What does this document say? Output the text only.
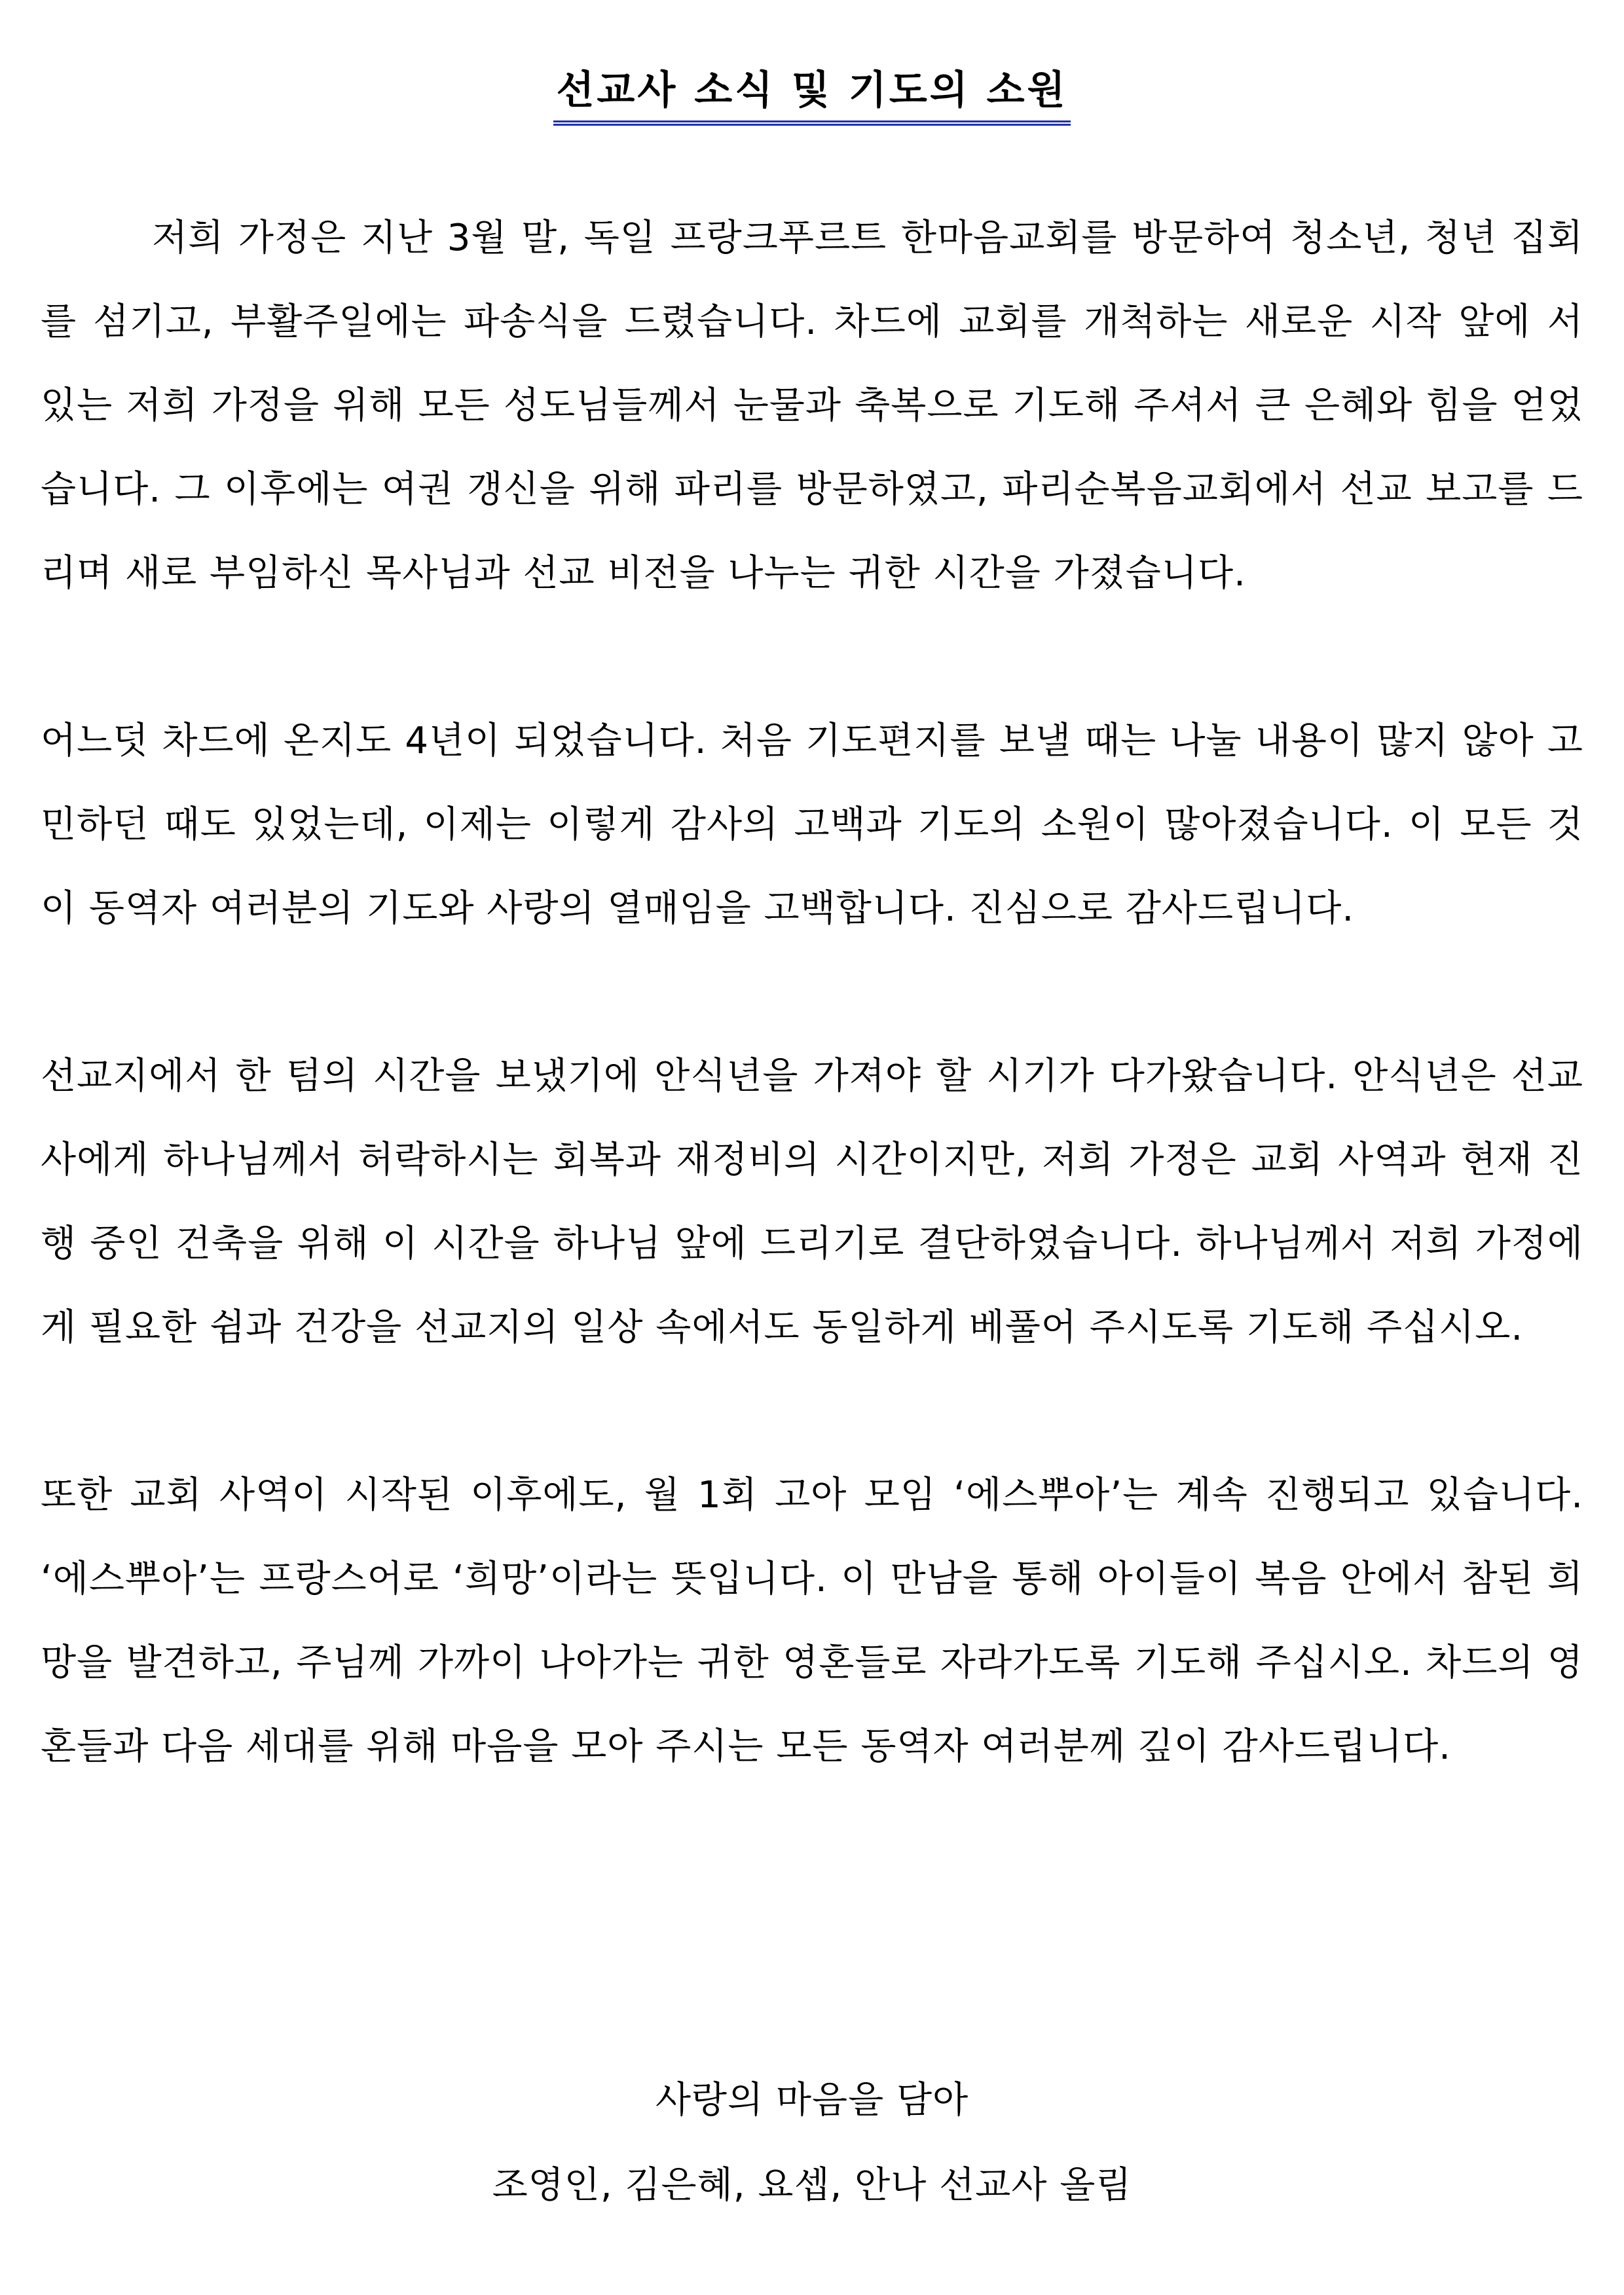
선교사 소식 및 기도의 소원

저희 가정은 지난 3월 말, 독일 프랑크푸르트 한마음교회를 방문하여 청소년, 청년 집회를 섬기고, 부활주일에는 파송식을 드렸습니다. 차드에 교회를 개척하는 새로운 시작 앞에 서 있는 저희 가정을 위해 모든 성도님들께서 눈물과 축복으로 기도해 주셔서 큰 은혜와 힘을 얻었습니다. 그 이후에는 여권 갱신을 위해 파리를 방문하였고, 파리순복음교회에서 선교 보고를 드리며 새로 부임하신 목사님과 선교 비전을 나누는 귀한 시간을 가졌습니다.

어느덧 차드에 온지도 4년이 되었습니다. 처음 기도편지를 보낼 때는 나눌 내용이 많지 않아 고민하던 때도 있었는데, 이제는 이렇게 감사의 고백과 기도의 소원이 많아졌습니다. 이 모든 것이 동역자 여러분의 기도와 사랑의 열매임을 고백합니다. 진심으로 감사드립니다.

선교지에서 한 텀의 시간을 보냈기에 안식년을 가져야 할 시기가 다가왔습니다. 안식년은 선교사에게 하나님께서 허락하시는 회복과 재정비의 시간이지만, 저희 가정은 교회 사역과 현재 진행 중인 건축을 위해 이 시간을 하나님 앞에 드리기로 결단하였습니다. 하나님께서 저희 가정에게 필요한 쉼과 건강을 선교지의 일상 속에서도 동일하게 베풀어 주시도록 기도해 주십시오.

또한 교회 사역이 시작된 이후에도, 월 1회 고아 모임 ‘에스뿌아’는 계속 진행되고 있습니다. ‘에스뿌아’는 프랑스어로 ‘희망’이라는 뜻입니다. 이 만남을 통해 아이들이 복음 안에서 참된 희망을 발견하고, 주님께 가까이 나아가는 귀한 영혼들로 자라가도록 기도해 주십시오. 차드의 영혼들과 다음 세대를 위해 마음을 모아 주시는 모든 동역자 여러분께 깊이 감사드립니다.

사랑의 마음을 담아
조영인, 김은혜, 요셉, 안나 선교사 올림
